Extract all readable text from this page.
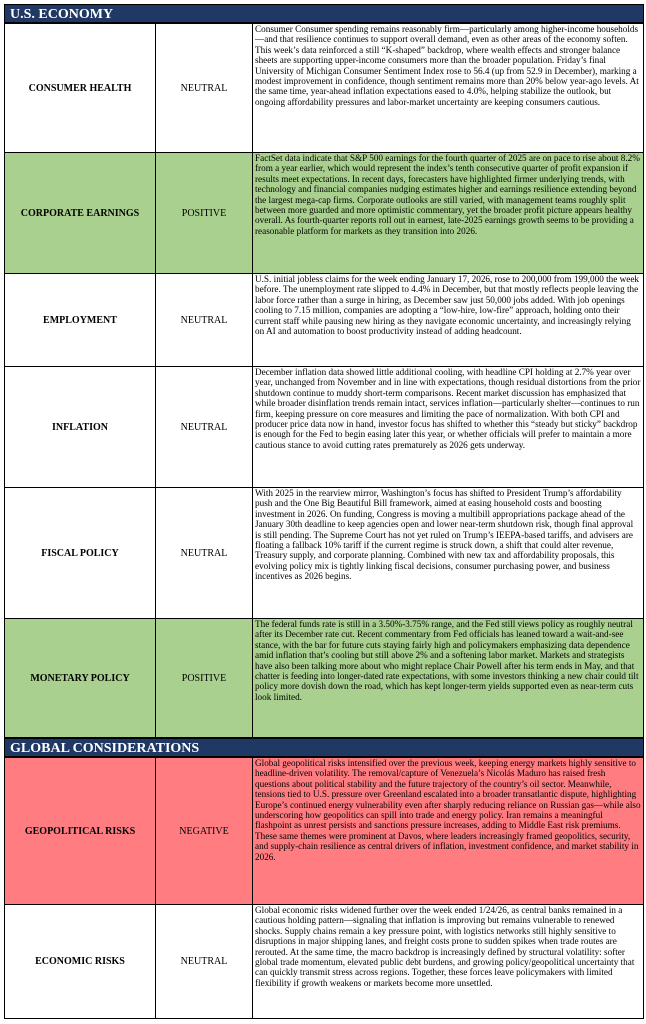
U.S. ECONOMY
CONSUMER HEALTH	NEUTRAL	Consumer Consumer spending remains reasonably firm—particularly among higher-income households—and that resilience continues to support overall demand, even as other areas of the economy soften. This week’s data reinforced a still “K-shaped” backdrop, where wealth effects and stronger balance sheets are supporting upper-income consumers more than the broader population. Friday’s final University of Michigan Consumer Sentiment Index rose to 56.4 (up from 52.9 in December), marking a modest improvement in confidence, though sentiment remains more than 20% below year-ago levels. At the same time, year-ahead inflation expectations eased to 4.0%, helping stabilize the outlook, but ongoing affordability pressures and labor-market uncertainty are keeping consumers cautious.

CORPORATE EARNINGS	POSITIVE	FactSet data indicate that S&P 500 earnings for the fourth quarter of 2025 are on pace to rise about 8.2% from a year earlier, which would represent the index’s tenth consecutive quarter of profit expansion if results meet expectations. In recent days, forecasters have highlighted firmer underlying trends, with technology and financial companies nudging estimates higher and earnings resilience extending beyond the largest mega-cap firms. Corporate outlooks are still varied, with management teams roughly split between more guarded and more optimistic commentary, yet the broader profit picture appears healthy overall. As fourth-quarter reports roll out in earnest, late-2025 earnings growth seems to be providing a reasonable platform for markets as they transition into 2026.

EMPLOYMENT	NEUTRAL	U.S. initial jobless claims for the week ending January 17, 2026, rose to 200,000 from 199,000 the week before. The unemployment rate slipped to 4.4% in December, but that mostly reflects people leaving the labor force rather than a surge in hiring, as December saw just 50,000 jobs added. With job openings cooling to 7.15 million, companies are adopting a “low-hire, low-fire” approach, holding onto their current staff while pausing new hiring as they navigate economic uncertainty, and increasingly relying on AI and automation to boost productivity instead of adding headcount.

INFLATION	NEUTRAL	December inflation data showed little additional cooling, with headline CPI holding at 2.7% year over year, unchanged from November and in line with expectations, though residual distortions from the prior shutdown continue to muddy short-term comparisons. Recent market discussion has emphasized that while broader disinflation trends remain intact, services inflation—particularly shelter—continues to run firm, keeping pressure on core measures and limiting the pace of normalization. With both CPI and producer price data now in hand, investor focus has shifted to whether this “steady but sticky” backdrop is enough for the Fed to begin easing later this year, or whether officials will prefer to maintain a more cautious stance to avoid cutting rates prematurely as 2026 gets underway.

FISCAL POLICY	NEUTRAL	With 2025 in the rearview mirror, Washington’s focus has shifted to President Trump’s affordability push and the One Big Beautiful Bill framework, aimed at easing household costs and boosting investment in 2026. On funding, Congress is moving a multibill appropriations package ahead of the January 30th deadline to keep agencies open and lower near-term shutdown risk, though final approval is still pending. The Supreme Court has not yet ruled on Trump’s IEEPA-based tariffs, and advisers are floating a fallback 10% tariff if the current regime is struck down, a shift that could alter revenue, Treasury supply, and corporate planning. Combined with new tax and affordability proposals, this evolving policy mix is tightly linking fiscal decisions, consumer purchasing power, and business incentives as 2026 begins.

MONETARY POLICY	POSITIVE	The federal funds rate is still in a 3.50%-3.75% range, and the Fed still views policy as roughly neutral after its December rate cut. Recent commentary from Fed officials has leaned toward a wait-and-see stance, with the bar for future cuts staying fairly high and policymakers emphasizing data dependence amid inflation that’s cooling but still above 2% and a softening labor market. Markets and strategists have also been talking more about who might replace Chair Powell after his term ends in May, and that chatter is feeding into longer-dated rate expectations, with some investors thinking a new chair could tilt policy more dovish down the road, which has kept longer-term yields supported even as near-term cuts look limited.
GLOBAL CONSIDERATIONS
GEOPOLITICAL RISKS	NEGATIVE	Global geopolitical risks intensified over the previous week, keeping energy markets highly sensitive to headline-driven volatility. The removal/capture of Venezuela’s Nicolás Maduro has raised fresh questions about political stability and the future trajectory of the country’s oil sector. Meanwhile, tensions tied to U.S. pressure over Greenland escalated into a broader transatlantic dispute, highlighting Europe’s continued energy vulnerability even after sharply reducing reliance on Russian gas—while also underscoring how geopolitics can spill into trade and energy policy. Iran remains a meaningful flashpoint as unrest persists and sanctions pressure increases, adding to Middle East risk premiums. These same themes were prominent at Davos, where leaders increasingly framed geopolitics, security, and supply-chain resilience as central drivers of inflation, investment confidence, and market stability in 2026.

ECONOMIC RISKS	NEUTRAL	Global economic risks widened further over the week ended 1/24/26, as central banks remained in a cautious holding pattern—signaling that inflation is improving but remains vulnerable to renewed shocks. Supply chains remain a key pressure point, with logistics networks still highly sensitive to disruptions in major shipping lanes, and freight costs prone to sudden spikes when trade routes are rerouted. At the same time, the macro backdrop is increasingly defined by structural volatility: softer global trade momentum, elevated public debt burdens, and growing policy/geopolitical uncertainty that can quickly transmit stress across regions. Together, these forces leave policymakers with limited flexibility if growth weakens or markets become more unsettled.
